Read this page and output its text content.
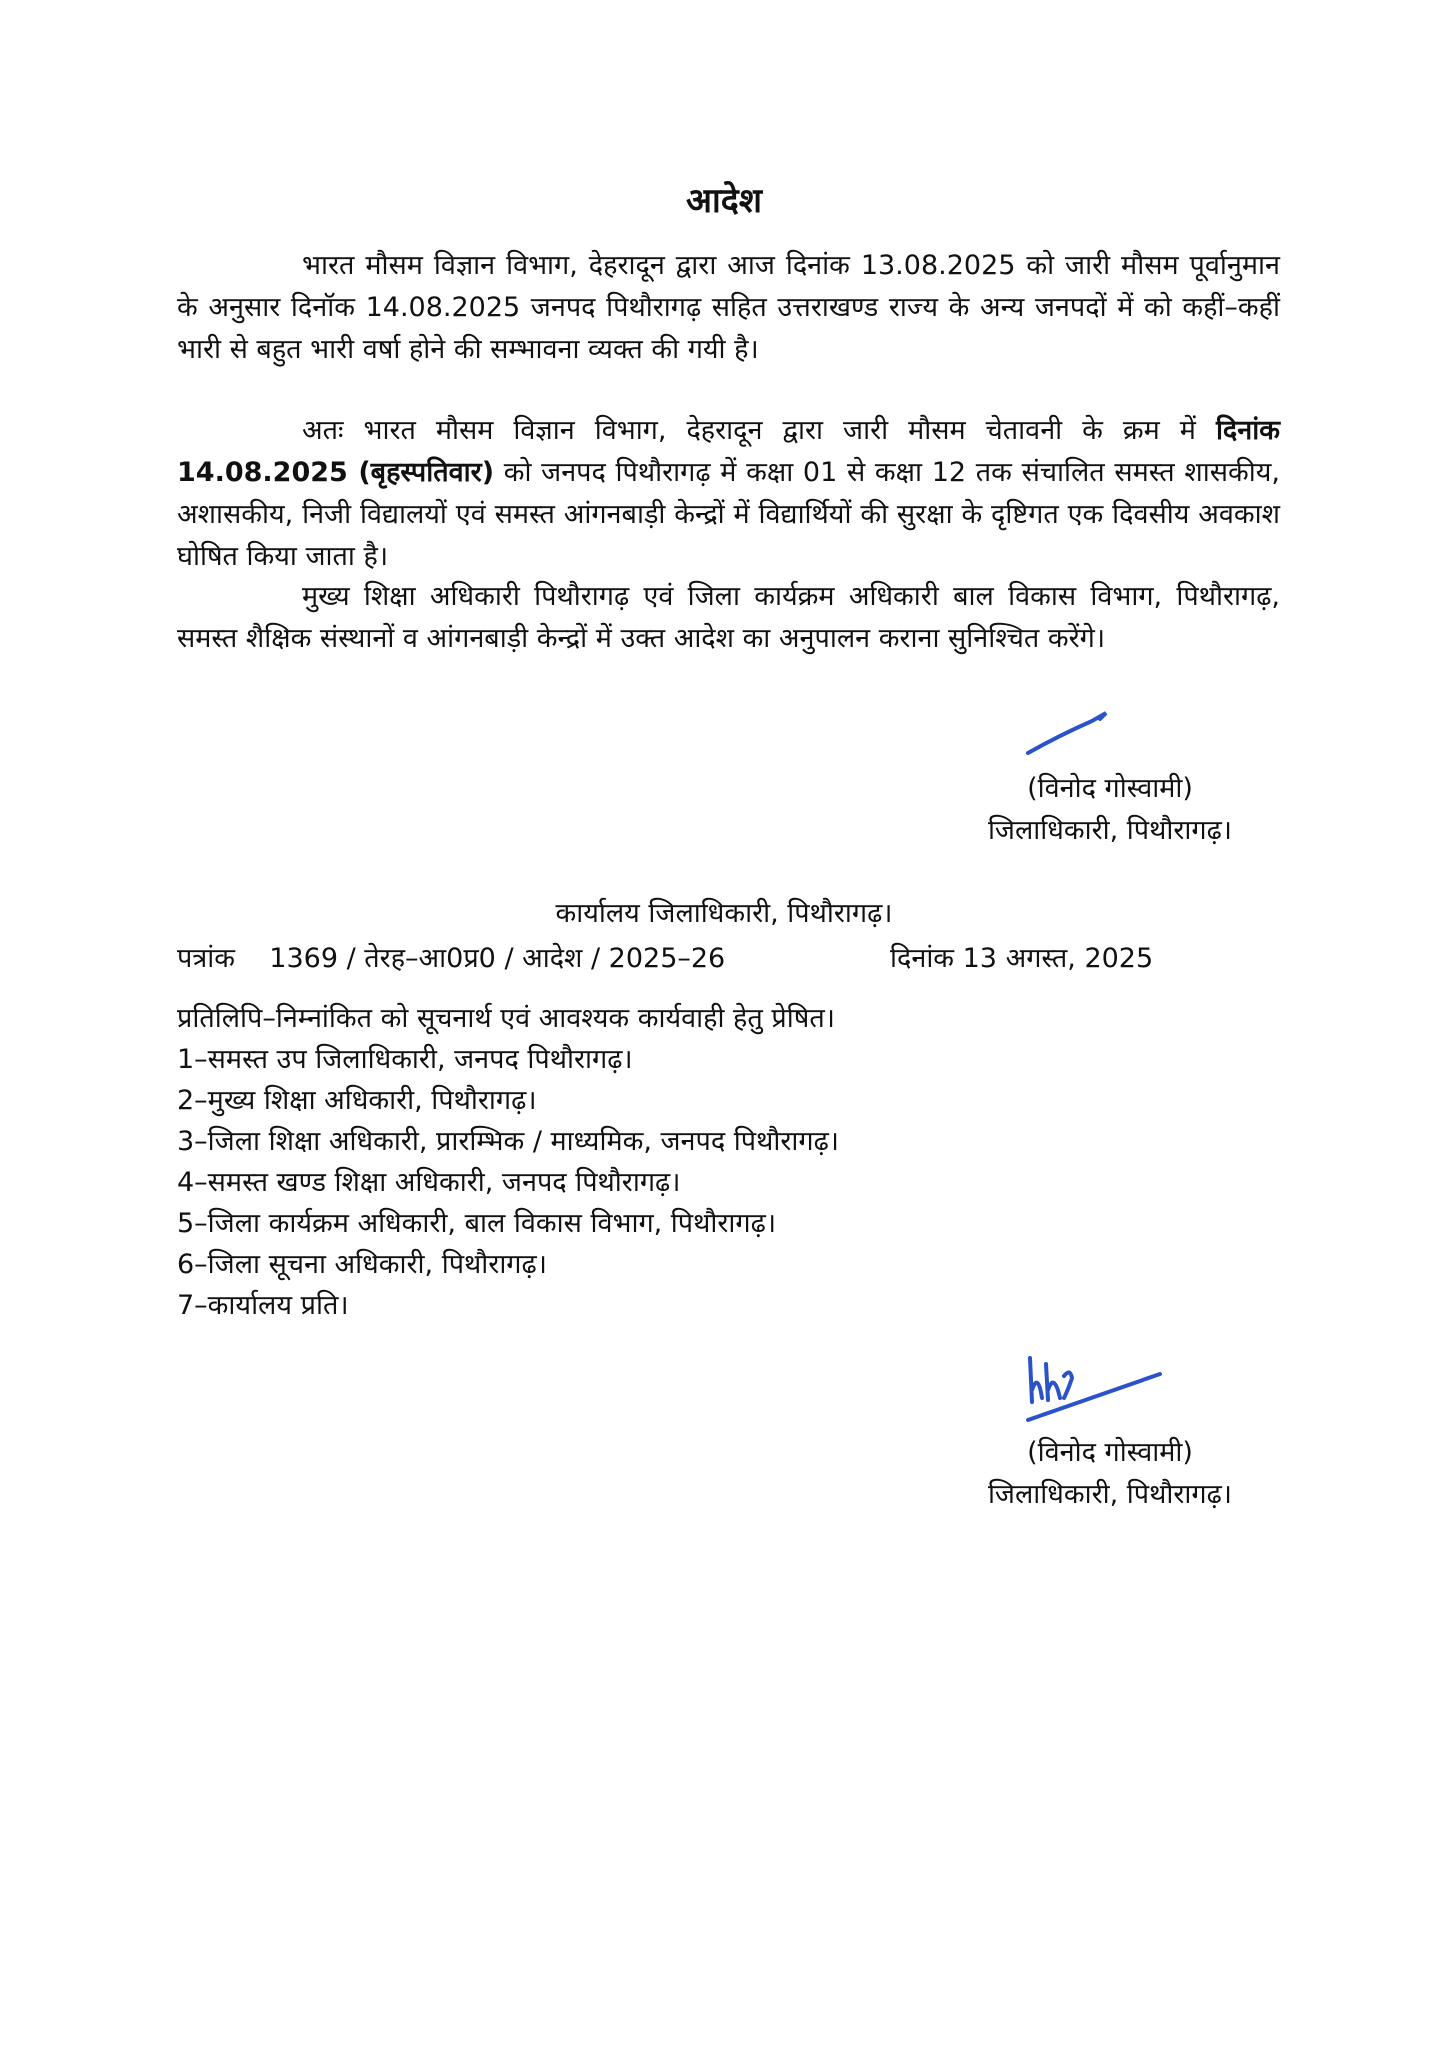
आदेश
भारत मौसम विज्ञान विभाग, देहरादून द्वारा आज दिनांक 13.08.2025 को जारी मौसम पूर्वानुमान के अनुसार दिनॉक 14.08.2025 जनपद पिथौरागढ़ सहित उत्तराखण्ड राज्य के अन्य जनपदों में को कहीं–कहीं भारी से बहुत भारी वर्षा होने की सम्भावना व्यक्त की गयी है।
अतः भारत मौसम विज्ञान विभाग, देहरादून द्वारा जारी मौसम चेतावनी के क्रम में दिनांक 14.08.2025 (बृहस्पतिवार) को जनपद पिथौरागढ़ में कक्षा 01 से कक्षा 12 तक संचालित समस्त शासकीय, अशासकीय, निजी विद्यालयों एवं समस्त आंगनबाड़ी केन्द्रों में विद्यार्थियों की सुरक्षा के दृष्टिगत एक दिवसीय अवकाश घोषित किया जाता है।
मुख्य शिक्षा अधिकारी पिथौरागढ़ एवं जिला कार्यक्रम अधिकारी बाल विकास विभाग, पिथौरागढ़, समस्त शैक्षिक संस्थानों व आंगनबाड़ी केन्द्रों में उक्त आदेश का अनुपालन कराना सुनिश्चित करेंगे।
(विनोद गोस्वामी)
जिलाधिकारी, पिथौरागढ़।
कार्यालय जिलाधिकारी, पिथौरागढ़।
पत्रांक    1369 / तेरह–आ0प्र0 / आदेश / 2025–26	दिनांक 13 अगस्त, 2025
प्रतिलिपि–निम्नांकित को सूचनार्थ एवं आवश्यक कार्यवाही हेतु प्रेषित।
1–समस्त उप जिलाधिकारी, जनपद पिथौरागढ़।
2–मुख्य शिक्षा अधिकारी, पिथौरागढ़।
3–जिला शिक्षा अधिकारी, प्रारम्भिक / माध्यमिक, जनपद पिथौरागढ़।
4–समस्त खण्ड शिक्षा अधिकारी, जनपद पिथौरागढ़।
5–जिला कार्यक्रम अधिकारी, बाल विकास विभाग, पिथौरागढ़।
6–जिला सूचना अधिकारी, पिथौरागढ़।
7–कार्यालय प्रति।
(विनोद गोस्वामी)
जिलाधिकारी, पिथौरागढ़।
